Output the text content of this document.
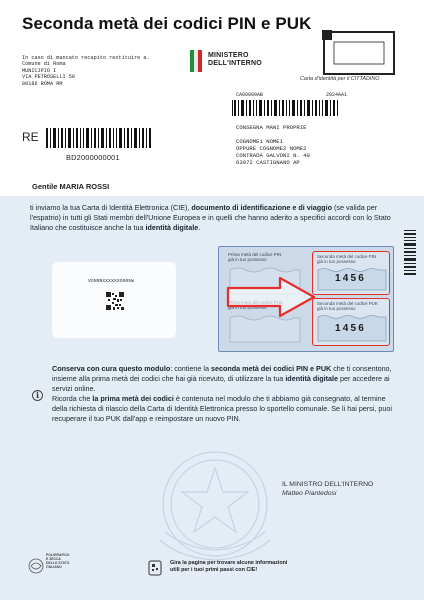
Seconda metà dei codici PIN e PUK
In caso di mancato recapito restituire a.
Comune di Roma
MUNICIPIO I
VIA PETROSELLI 50
00186 ROMA RM
MINISTERO
DELL'INTERNO
Carta d'identità per il CITTADINO
CA00000AB	2024AA1
CONSEGNA MANI PROPRIE
COGNOME1 NOME1
OPPURE COGNOME2 NOME2
CONTRADA GALVONI N. 40
63072 CASTIGNANO AP
RE
BD2000000001
Gentile MARIA ROSSI
ti inviamo la tua Carta di Identità Elettronica (CIE), documento di identificazione e di viaggio (se valida per l'espatrio) in tutti gli Stati membri dell'Unione Europea e in quelli che hanno aderito a specifici accordi con lo Stato Italiano che costituisce anche la tua identità digitale.
VGNRNXXXXXXG005W
Prima metà del codice PIN
già in tuo possesso
già in tuo possesso
Seconda metà del codice PIN
già in tuo possesso
1456
Seconda metà del codice PUK
già in tuo possesso
1456
i

Conserva con cura questo modulo: contiene la seconda metà dei codici PIN e PUK che ti consentono, insieme alla prima metà dei codici che hai già ricevuto, di utilizzare la tua identità digitale per accedere ai servizi online.

Ricorda che la prima metà dei codici è contenuta nel modulo che ti abbiamo già consegnato, al termine della richiesta di rilascio della Carta di Identità Elettronica presso lo sportello comunale. Se li hai persi, puoi recuperare il tuo PUK dall'app e reimpostare un nuovo PIN.

IL MINISTRO DELL'INTERNO
Matteo Piantedosi
POLIGRAFICO
E ZECCA
DELLO STATO
ITALIANO
Gira la pagina per trovare alcune informazioni
utili per i tuoi primi passi con CIE!
